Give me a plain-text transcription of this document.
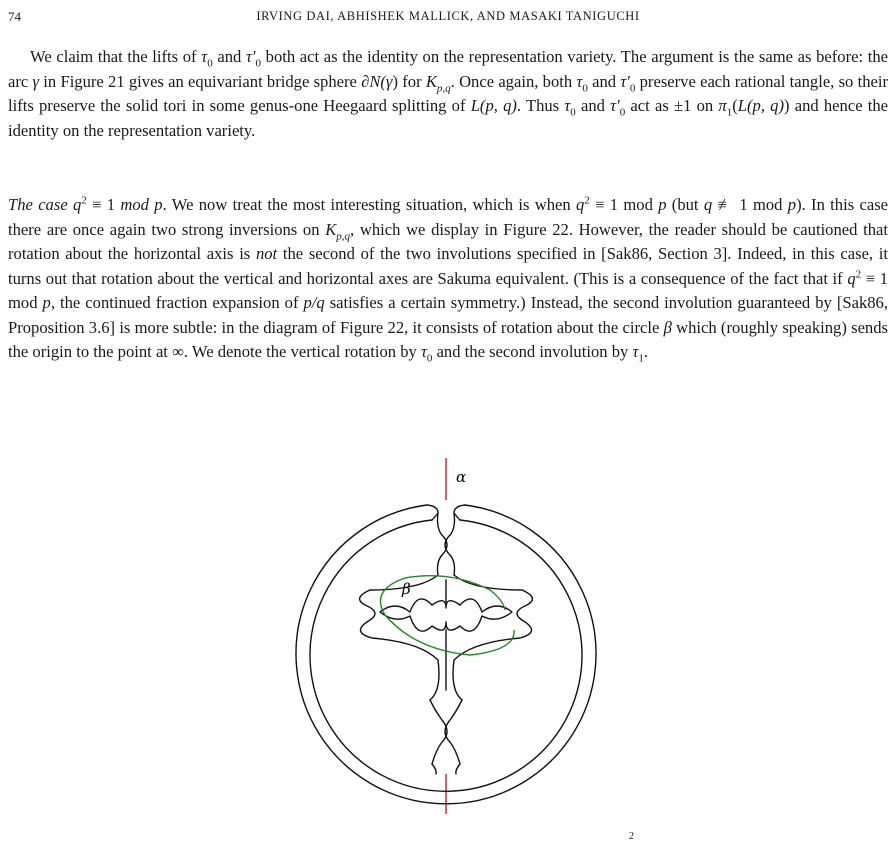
74	IRVING DAI, ABHISHEK MALLICK, AND MASAKI TANIGUCHI

We claim that the lifts of $\tau_0$ and $\tau'_0$ both act as the identity on the representation variety. The argument is the same as before: the arc γ in Figure 21 gives an equivariant bridge sphere ∂N(γ) for $K_{p,q}$. Once again, both $\tau_0$ and $\tau'_0$ preserve each rational tangle, so their lifts preserve the solid tori in some genus-one Heegaard splitting of L(p, q). Thus $\tau_0$ and $\tau'_0$ act as ±1 on $\pi_1(L(p$, q)) and hence the identity on the representation variety.

The case $q^2 \equiv 1$ mod p. We now treat the most interesting situation, which is when $q^2 \equiv 1$ mod p (but q ≢ 1 mod p). In this case there are once again two strong inversions on $K_{p,q}$, which we display in Figure 22. However, the reader should be cautioned that rotation about the horizontal axis is not the second of the two involutions specified in [Sak86, Section 3]. Indeed, in this case, it turns out that rotation about the vertical and horizontal axes are Sakuma equivalent. (This is a consequence of the fact that if $q^2 \equiv 1$ mod p, the continued fraction expansion of p/q satisfies a certain symmetry.) Instead, the second involution guaranteed by [Sak86, Proposition 3.6] is more subtle: in the diagram of Figure 22, it consists of rotation about the circle β which (roughly speaking) sends the origin to the point at ∞. We denote the vertical rotation by $\tau_0$ and the second involution by $\tau_1$.

α
β
2
